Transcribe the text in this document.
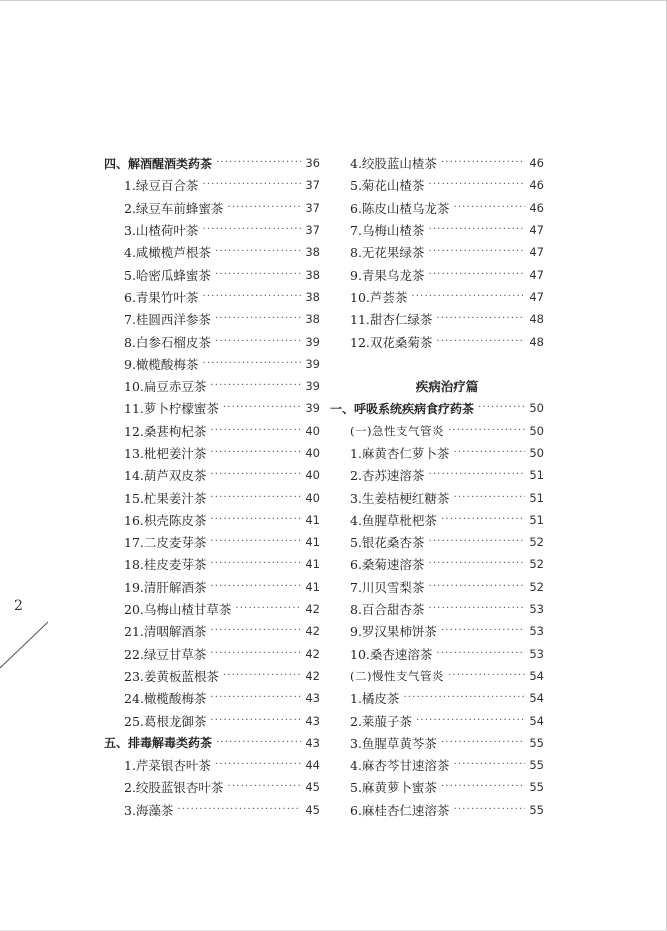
2
四、解酒醒酒类药茶 ·····	36
1.绿豆百合茶 ·····	37
2.绿豆车前蜂蜜茶 ·····	37
3.山楂荷叶茶 ·····	37
4.咸橄榄芦根茶 ·····	38
5.哈密瓜蜂蜜茶 ·····	38
6.青果竹叶茶 ·····	38
7.桂圆西洋参茶 ·····	38
8.白参石榴皮茶 ·····	39
9.橄榄酸梅茶 ·····	39
10.扁豆赤豆茶 ·····	39
11.萝卜柠檬蜜茶 ·····	39
12.桑葚枸杞茶 ·····	40
13.枇杷姜汁茶 ·····	40
14.葫芦双皮茶 ·····	40
15.杧果姜汁茶 ·····	40
16.枳壳陈皮茶 ·····	41
17.二皮麦芽茶 ·····	41
18.桂皮麦芽茶 ·····	41
19.清肝解酒茶 ·····	41
20.乌梅山楂甘草茶 ·····	42
21.清咽解酒茶 ·····	42
22.绿豆甘草茶 ·····	42
23.姜黄板蓝根茶 ·····	42
24.橄榄酸梅茶 ·····	43
25.葛根龙御茶 ·····	43
五、排毒解毒类药茶 ·····	43
1.芹菜银杏叶茶 ·····	44
2.绞股蓝银杏叶茶 ·····	45
3.海藻茶 ·····	45
4.绞股蓝山楂茶 ·····	46
5.菊花山楂茶 ·····	46
6.陈皮山楂乌龙茶 ·····	46
7.乌梅山楂茶 ·····	47
8.无花果绿茶 ·····	47
9.青果乌龙茶 ·····	47
10.芦荟茶 ·····	47
11.甜杏仁绿茶 ·····	48
12.双花桑菊茶 ·····	48
疾病治疗篇
一、呼吸系统疾病食疗药茶 ·····	50
(一)急性支气管炎 ·····	50
1.麻黄杏仁萝卜茶 ·····	50
2.杏苏速溶茶 ·····	51
3.生姜桔梗红糖茶 ·····	51
4.鱼腥草枇杷茶 ·····	51
5.银花桑杏茶 ·····	52
6.桑菊速溶茶 ·····	52
7.川贝雪梨茶 ·····	52
8.百合甜杏茶 ·····	53
9.罗汉果柿饼茶 ·····	53
10.桑杏速溶茶 ·····	53
(二)慢性支气管炎 ·····	54
1.橘皮茶 ·····	54
2.莱菔子茶 ·····	54
3.鱼腥草黄芩茶 ·····	55
4.麻杏芩甘速溶茶 ·····	55
5.麻黄萝卜蜜茶 ·····	55
6.麻桂杏仁速溶茶 ·····	55
